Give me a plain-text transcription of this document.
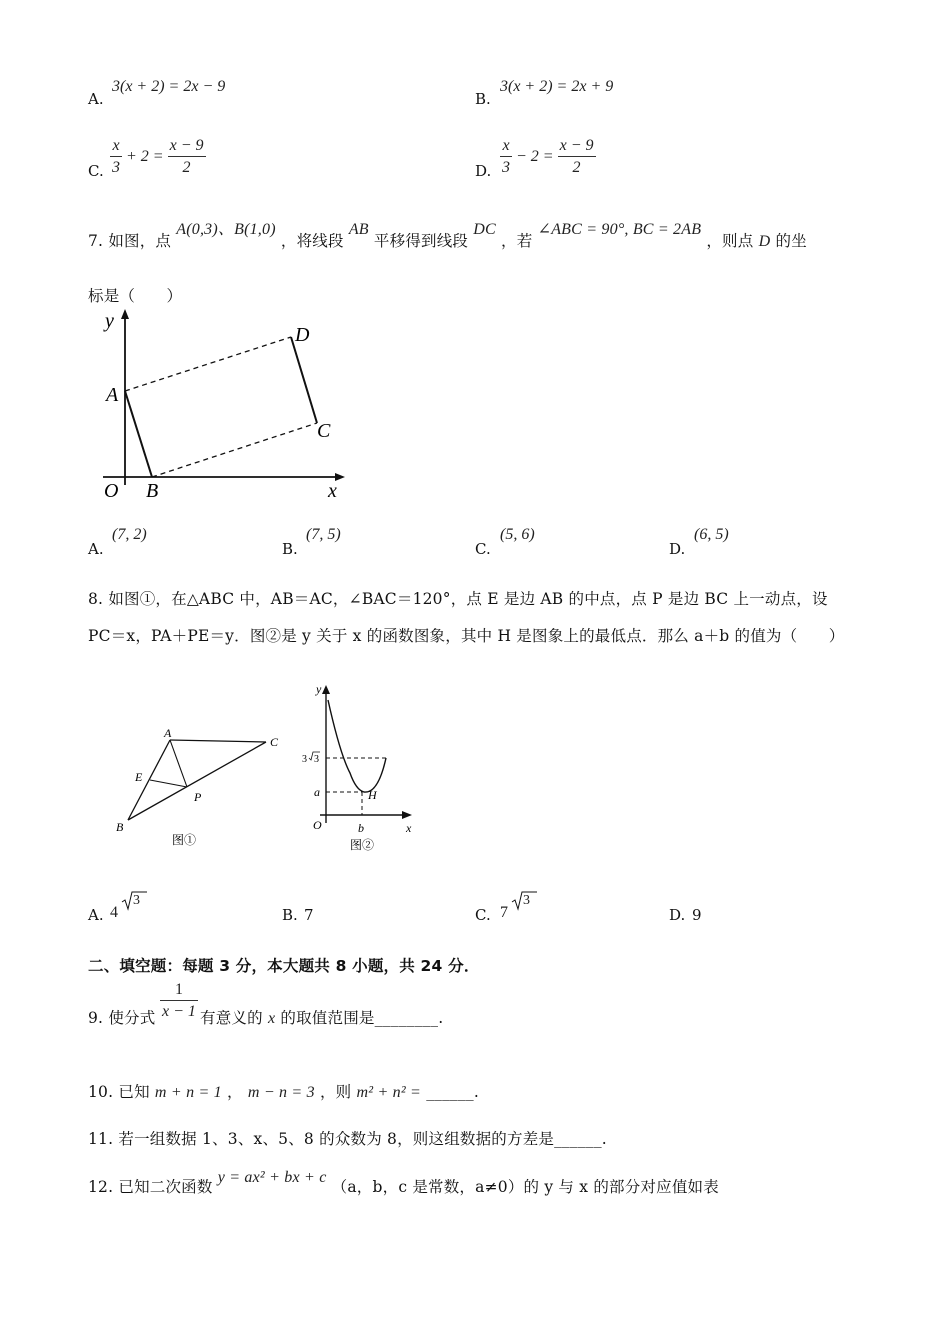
A.
3(x + 2) = 2x − 9
B.
3(x + 2) = 2x + 9
C. $\frac{x}{3} + 2 = \frac{x - 9}{2}$	D. $\frac{x}{3} - 2 = \frac{x - 9}{2}$
7. 如图，点 A(0,3)、B(1,0) ，将线段 AB 平移得到线段 DC ，若 ∠ABC = 90°, BC = 2AB ，则点 D 的坐
标是（　　）
y
x
O
A
B
D
C
A.
(7, 2)
B.
(7, 5)
C.
(5, 6)
D.
(6, 5)
8. 如图①，在△ABC 中，AB＝AC，∠BAC＝120°，点 E 是边 AB 的中点，点 P 是边 BC 上一动点，设
PC＝x，PA＋PE＝y．图②是 y 关于 x 的函数图象，其中 H 是图象上的最低点．那么 a＋b 的值为（　　）
A
B
C
E
P
图①
y
x
O
3 3
a
b
H
图②
A. 4
3
B. 7	C. 7
3
D. 9
二、填空题：每题 3 分，本大题共 8 小题，共 24 分．
9. 使分式 $\frac{1}{x - 1}$ 有意义的 x 的取值范围是________.
10. 已知 m + n = 1 ， m − n = 3 ，则 m² + n² = ______.
11. 若一组数据 1、3、x、5、8 的众数为 8，则这组数据的方差是______.
12. 已知二次函数 y = ax² + bx + c （a，b，c 是常数，a≠0）的 y 与 x 的部分对应值如表
